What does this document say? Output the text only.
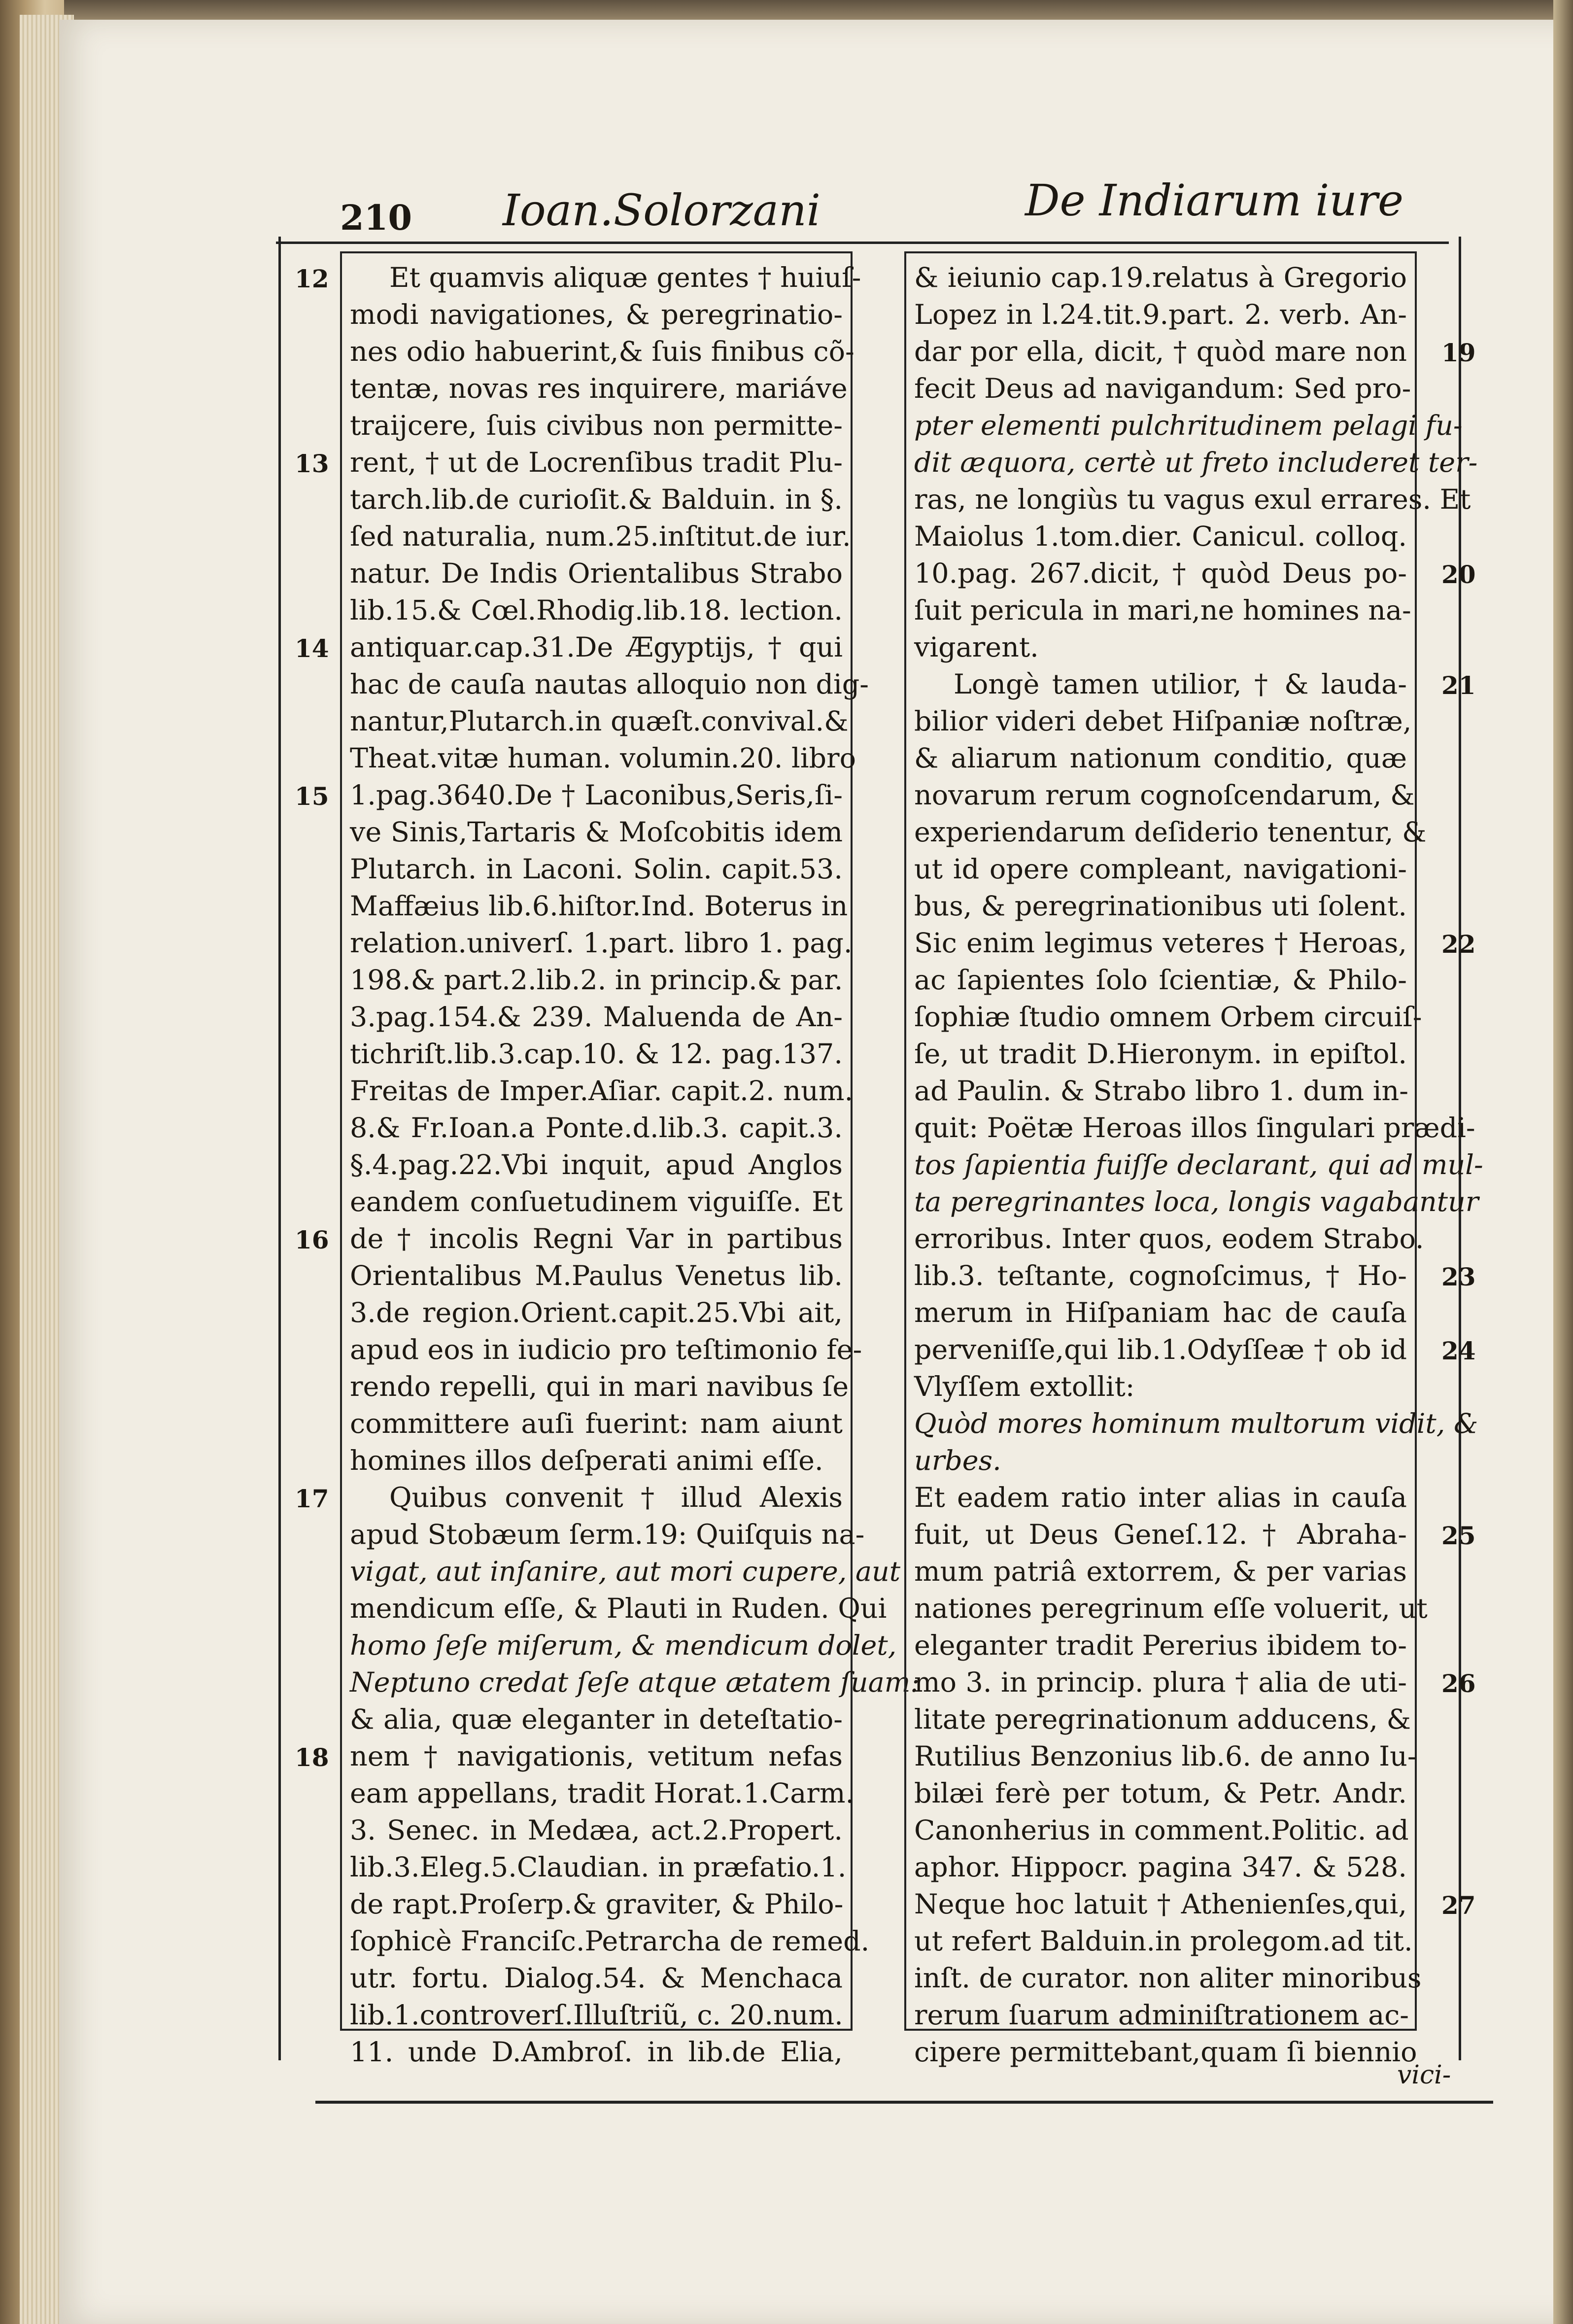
210 Ioan.Solorzani	De Indiarum iure
Et quamvis aliquæ gentes † huiuſ-
modi navigationes, & peregrinatio-
nes odio habuerint,& ſuis finibus cõ-
tentæ, novas res inquirere, mariáve
traijcere, ſuis civibus non permitte-
rent, † ut de Locrenſibus tradit Plu-
tarch.lib.de curioſit.& Balduin. in §.
ſed naturalia, num.25.inſtitut.de iur.
natur. De Indis Orientalibus Strabo
lib.15.& Cœl.Rhodig.lib.18. lection.
antiquar.cap.31.De Ægyptijs, † qui
hac de cauſa nautas alloquio non dig-
nantur,Plutarch.in quæſt.convival.&
Theat.vitæ human. volumin.20. libro
1.pag.3640.De † Laconibus,Seris,ſi-
ve Sinis,Tartaris & Moſcobitis idem
Plutarch. in Laconi. Solin. capit.53.
Maffæius lib.6.hiſtor.Ind. Boterus in
relation.univerſ. 1.part. libro 1. pag.
198.& part.2.lib.2. in princip.& par.
3.pag.154.& 239. Maluenda de An-
tichriſt.lib.3.cap.10. & 12. pag.137.
Freitas de Imper.Aſiar. capit.2. num.
8.& Fr.Ioan.a Ponte.d.lib.3. capit.3.
§.4.pag.22.Vbi inquit, apud Anglos
eandem conſuetudinem viguiſſe. Et
de † incolis Regni Var in partibus
Orientalibus M.Paulus Venetus lib.
3.de region.Orient.capit.25.Vbi ait,
apud eos in iudicio pro teſtimonio fe-
rendo repelli, qui in mari navibus ſe
committere auſi fuerint: nam aiunt
homines illos deſperati animi eſſe.
Quibus convenit † illud Alexis
apud Stobæum ſerm.19: Quiſquis na-
vigat, aut inſanire, aut mori cupere, aut
mendicum eſſe, & Plauti in Ruden. Qui
homo ſeſe miſerum, & mendicum dolet,
Neptuno credat ſeſe atque ætatem ſuam:
& alia, quæ eleganter in deteſtatio-
nem † navigationis, vetitum nefas
eam appellans, tradit Horat.1.Carm.
3. Senec. in Medæa, act.2.Propert.
lib.3.Eleg.5.Claudian. in præfatio.1.
de rapt.Proſerp.& graviter, & Philo-
ſophicè Franciſc.Petrarcha de remed.
utr. fortu. Dialog.54. & Menchaca
lib.1.controverſ.Illuſtriũ, c. 20.num.
11. unde D.Ambroſ. in lib.de Elia,
& ieiunio cap.19.relatus à Gregorio
Lopez in l.24.tit.9.part. 2. verb. An-
dar por ella, dicit, † quòd mare non
fecit Deus ad navigandum: Sed pro-
pter elementi pulchritudinem pelagi fu-
dit æquora, certè ut freto includeret ter-
ras, ne longiùs tu vagus exul errares. Et
Maiolus 1.tom.dier. Canicul. colloq.
10.pag. 267.dicit, † quòd Deus po-
ſuit pericula in mari,ne homines na-
vigarent.
Longè tamen utilior, † & lauda-
bilior videri debet Hiſpaniæ noſtræ,
& aliarum nationum conditio, quæ
novarum rerum cognoſcendarum, &
experiendarum deſiderio tenentur, &
ut id opere compleant, navigationi-
bus, & peregrinationibus uti ſolent.
Sic enim legimus veteres † Heroas,
ac ſapientes ſolo ſcientiæ, & Philo-
ſophiæ ſtudio omnem Orbem circuiſ-
ſe, ut tradit D.Hieronym. in epiſtol.
ad Paulin. & Strabo libro 1. dum in-
quit: Poëtæ Heroas illos ſingulari prædi-
tos ſapientia fuiſſe declarant, qui ad mul-
ta peregrinantes loca, longis vagabantur
erroribus. Inter quos, eodem Strabo.
lib.3. teſtante, cognoſcimus, † Ho-
merum in Hiſpaniam hac de cauſa
perveniſſe,qui lib.1.Odyſſeæ † ob id
Vlyſſem extollit:
Quòd mores hominum multorum vidit, &
urbes.
Et eadem ratio inter alias in cauſa
fuit, ut Deus Geneſ.12. † Abraha-
mum patriâ extorrem, & per varias
nationes peregrinum eſſe voluerit, ut
eleganter tradit Pererius ibidem to-
mo 3. in princip. plura † alia de uti-
litate peregrinationum adducens, &
Rutilius Benzonius lib.6. de anno Iu-
bilæi ferè per totum, & Petr. Andr.
Canonherius in comment.Politic. ad
aphor. Hippocr. pagina 347. & 528.
Neque hoc latuit † Athenienſes,qui,
ut refert Balduin.in prolegom.ad tit.
inſt. de curator. non aliter minoribus
rerum ſuarum adminiſtrationem ac-
cipere permittebant,quam ſi biennio
12
13
14
15
16
17
18
19
20
21
22
23
24
25
26
27
vici-
